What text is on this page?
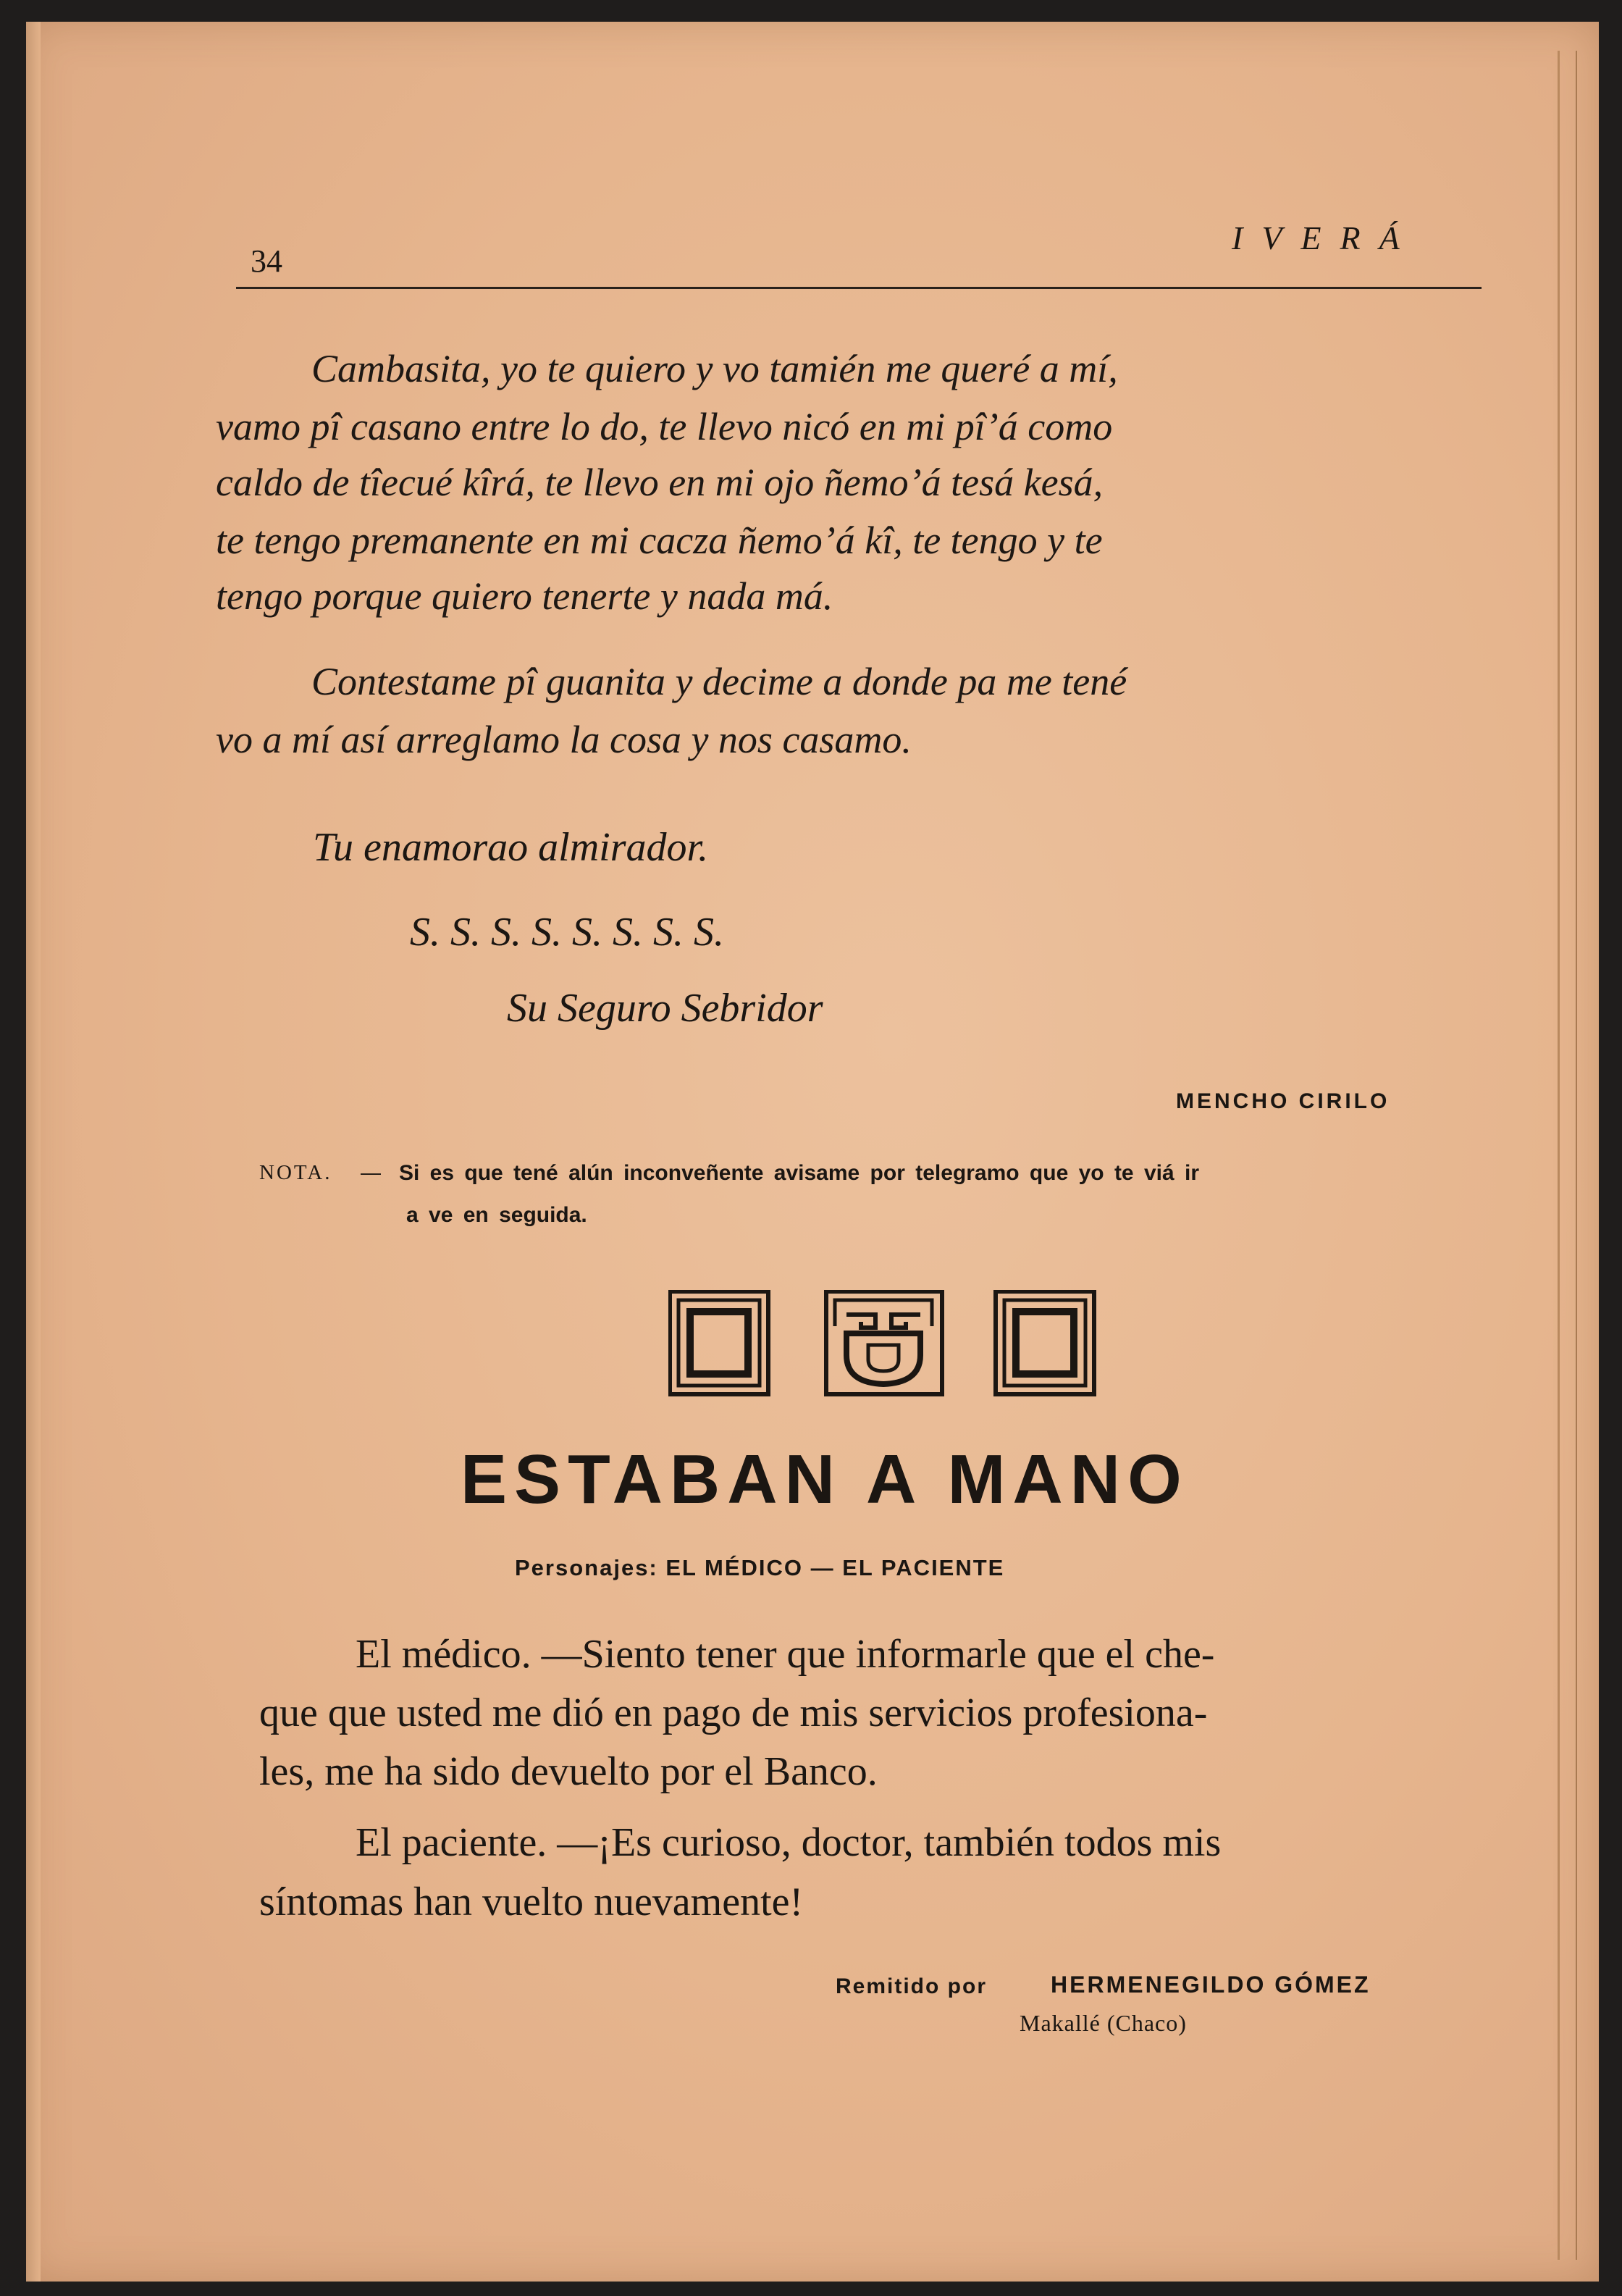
34
IVERÁ
Cambasita, yo te quiero y vo tamién me queré a mí,
vamo pî casano entre lo do, te llevo nicó en mi pî’á como
caldo de tîecué kîrá, te llevo en mi ojo ñemo’á tesá kesá,
te tengo premanente en mi cacza ñemo’á kî, te tengo y te
tengo porque quiero tenerte y nada má.
Contestame pî guanita y decime a donde pa me tené
vo a mí así arreglamo la cosa y nos casamo.
Tu enamorao almirador.
S. S. S. S. S. S. S. S.
Su Seguro Sebridor
MENCHO CIRILO
NOTA. — Si es que tené alún inconveñente avisame por telegramo que yo te viá ir
a ve en seguida.
ESTABAN A MANO
Personajes: EL MÉDICO — EL PACIENTE
El médico. —Siento tener que informarle que el che-
que que usted me dió en pago de mis servicios profesiona-
les, me ha sido devuelto por el Banco.
El paciente. —¡Es curioso, doctor, también todos mis
síntomas han vuelto nuevamente!
Remitido por	HERMENEGILDO GÓMEZ
Makallé (Chaco)
